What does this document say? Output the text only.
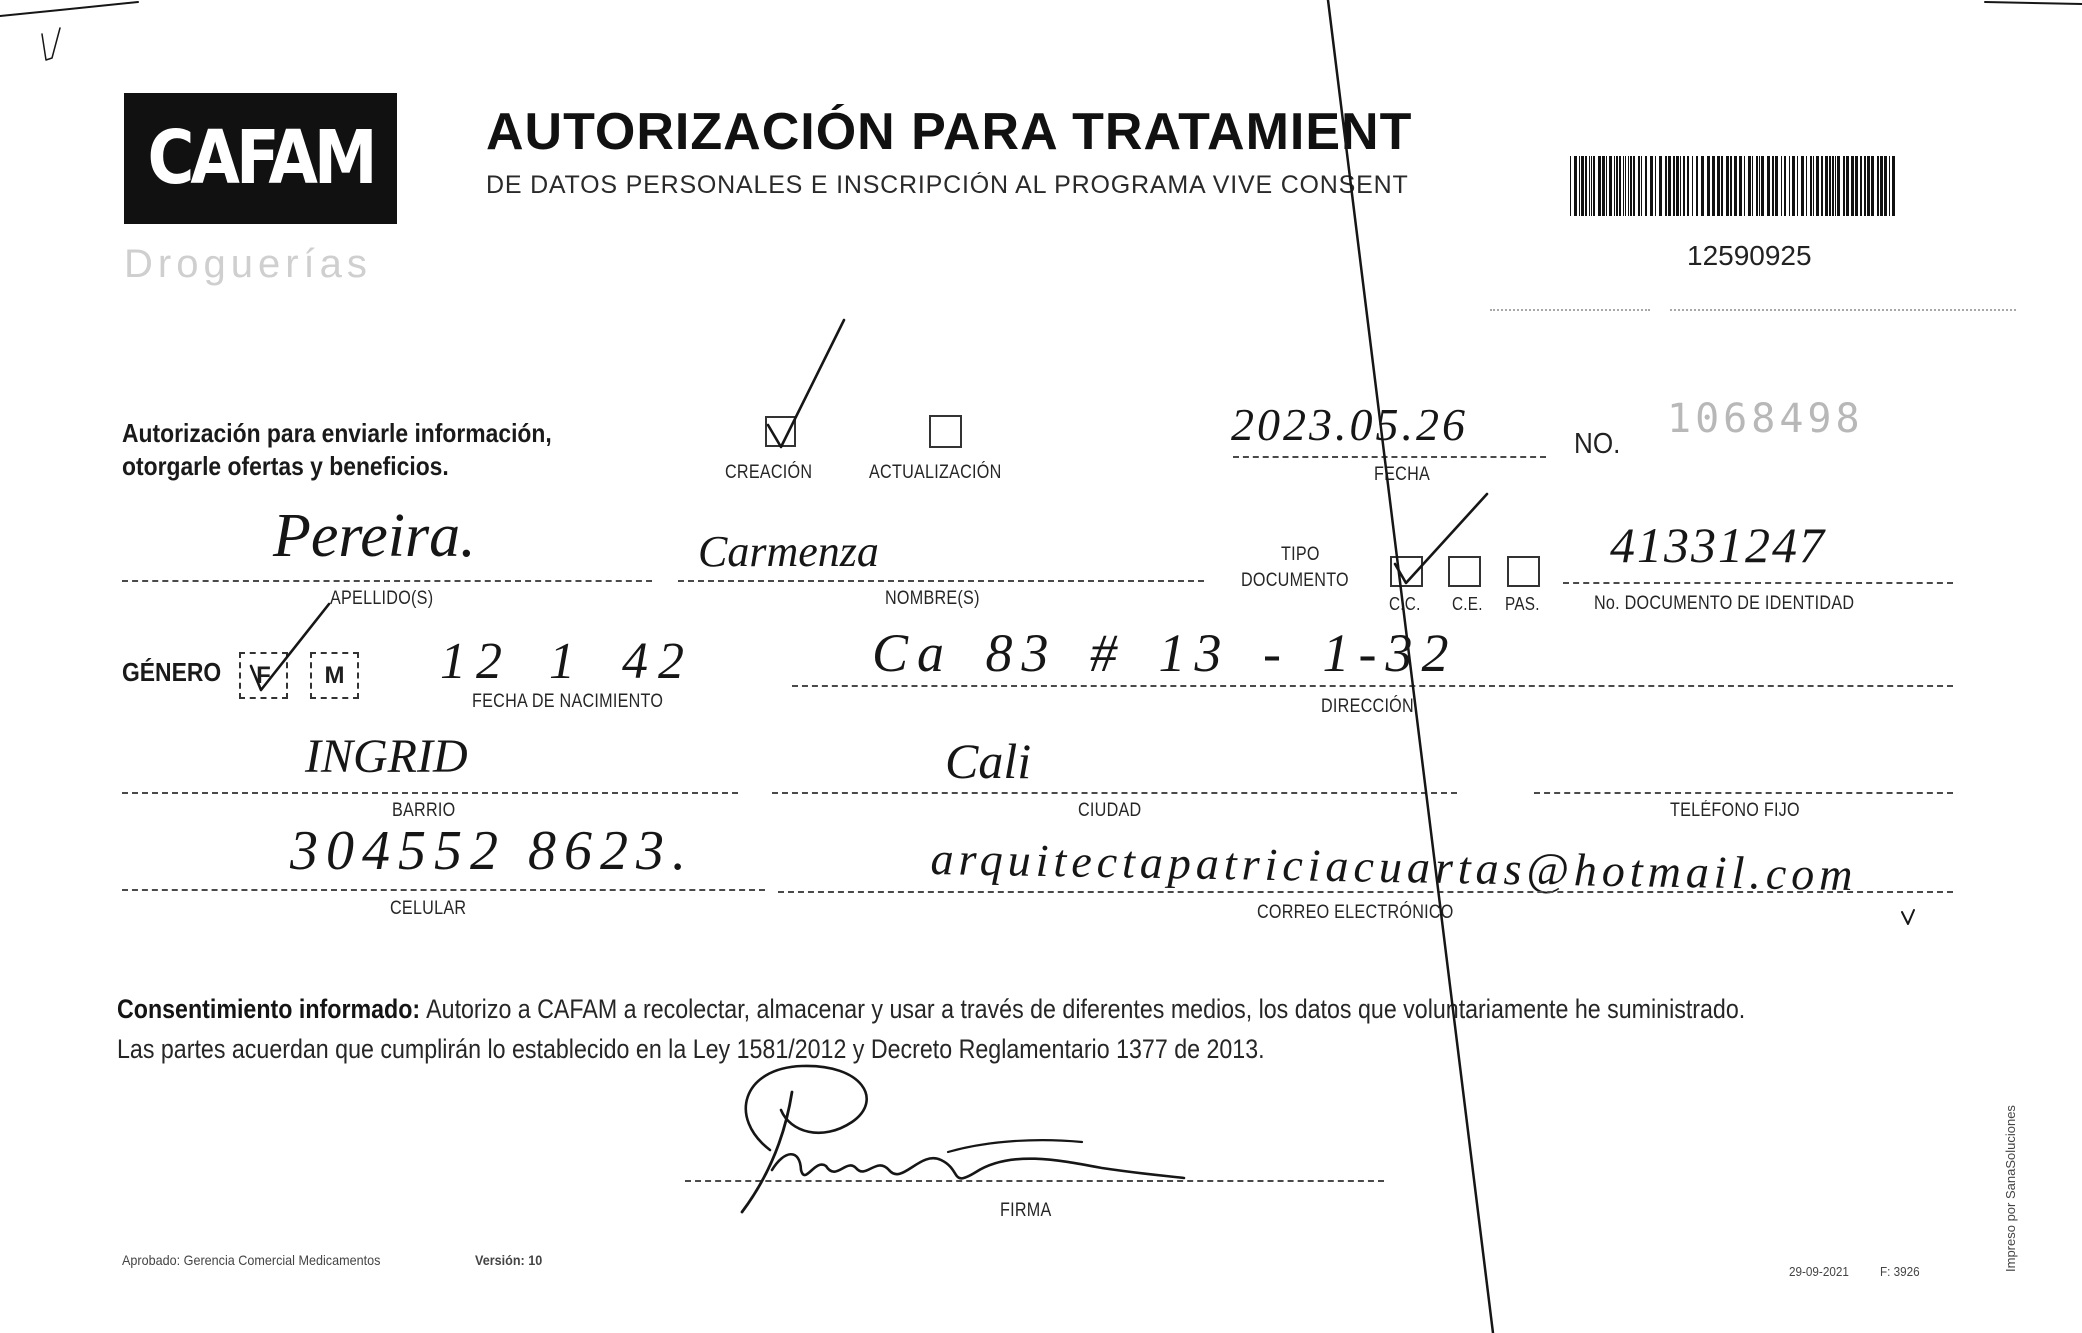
CAFAM
Droguerías
AUTORIZACIÓN PARA TRATAMIENT
DE DATOS PERSONALES E INSCRIPCIÓN AL PROGRAMA VIVE CONSENT
12590925
Autorización para enviarle información,
otorgarle ofertas y beneficios.	CREACIÓN	ACTUALIZACIÓN
2023.05.26
FECHA
NO.
1068498
Pereira.	Carmenza
APELLIDO(S)	NOMBRE(S)
TIPO
DOCUMENTO
C.C. C.E. PAS.
41331247
No. DOCUMENTO DE IDENTIDAD
GÉNERO F M 12 1 42
FECHA DE NACIMIENTO
Ca 83 # 13 - 1-32
DIRECCIÓN
INGRID
BARRIO
Cali
CIUDAD	TELÉFONO FIJO
304552 8623.
CELULAR
arquitectapatriciacuartas@hotmail.com
CORREO ELECTRÓNICO
Consentimiento informado: Autorizo a CAFAM a recolectar, almacenar y usar a través de diferentes medios, los datos que voluntariamente he suministrado.
Las partes acuerdan que cumplirán lo establecido en la Ley 1581/2012 y Decreto Reglamentario 1377 de 2013.
FIRMA
Aprobado: Gerencia Comercial Medicamentos	Versión: 10
29-09-2021 F: 3926	Impreso por SanaSoluciones
